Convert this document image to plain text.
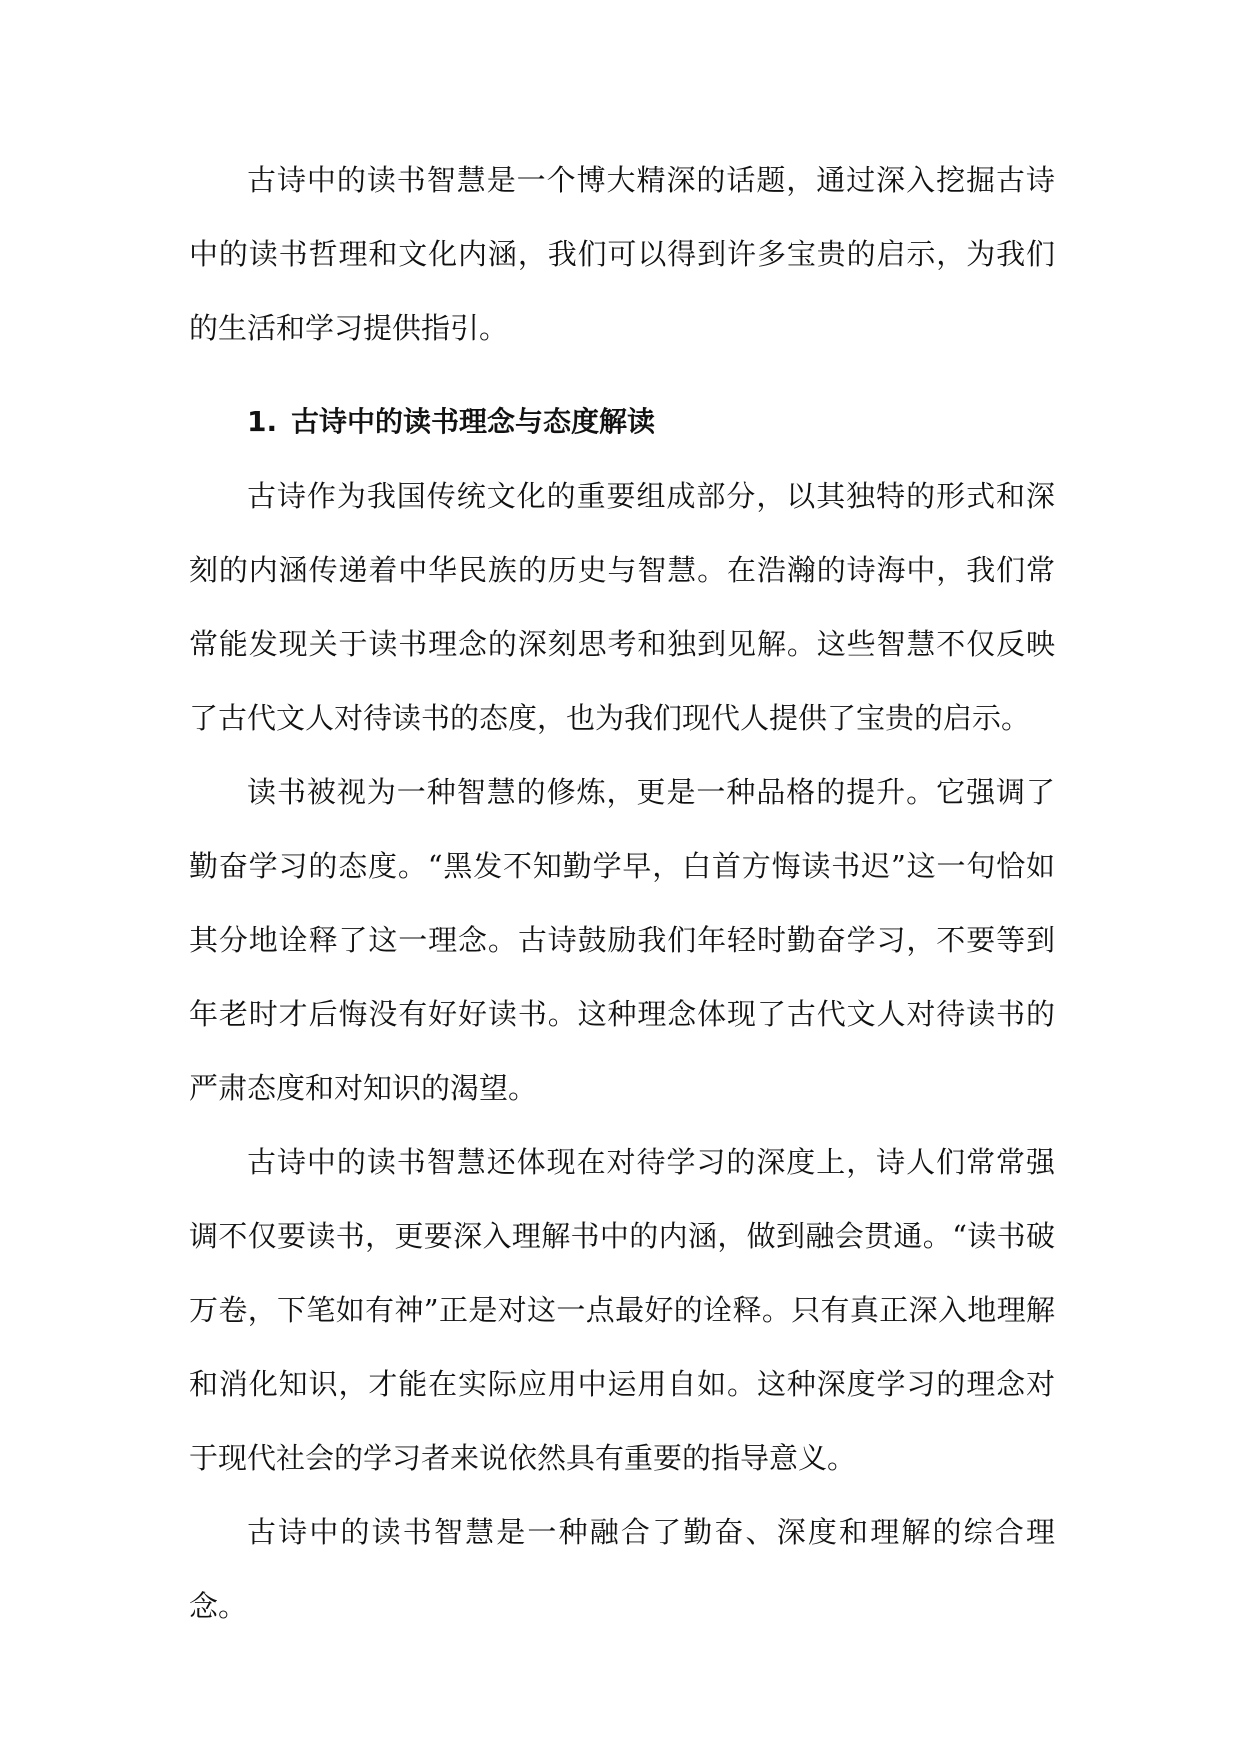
古诗中的读书智慧是一个博大精深的话题，通过深入挖掘古诗中的读书哲理和文化内涵，我们可以得到许多宝贵的启示，为我们的生活和学习提供指引。

1. 古诗中的读书理念与态度解读

古诗作为我国传统文化的重要组成部分，以其独特的形式和深刻的内涵传递着中华民族的历史与智慧。在浩瀚的诗海中，我们常常能发现关于读书理念的深刻思考和独到见解。这些智慧不仅反映了古代文人对待读书的态度，也为我们现代人提供了宝贵的启示。

读书被视为一种智慧的修炼，更是一种品格的提升。它强调了勤奋学习的态度。“黑发不知勤学早，白首方悔读书迟”这一句恰如其分地诠释了这一理念。古诗鼓励我们年轻时勤奋学习，不要等到年老时才后悔没有好好读书。这种理念体现了古代文人对待读书的严肃态度和对知识的渴望。

古诗中的读书智慧还体现在对待学习的深度上，诗人们常常强调不仅要读书，更要深入理解书中的内涵，做到融会贯通。“读书破万卷，下笔如有神”正是对这一点最好的诠释。只有真正深入地理解和消化知识，才能在实际应用中运用自如。这种深度学习的理念对于现代社会的学习者来说依然具有重要的指导意义。

古诗中的读书智慧是一种融合了勤奋、深度和理解的综合理念。
